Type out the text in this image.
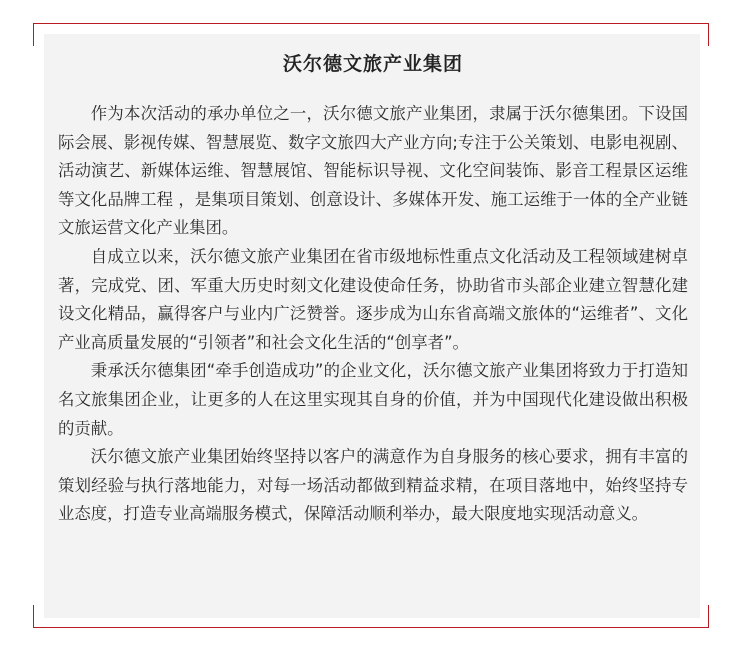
沃尔德文旅产业集团

作为本次活动的承办单位之一，沃尔德文旅产业集团，隶属于沃尔德集团。下设国际会展、影视传媒、智慧展览、数字文旅四大产业方向;专注于公关策划、电影电视剧、活动演艺、新媒体运维、智慧展馆、智能标识导视、文化空间装饰、影音工程景区运维等文化品牌工程 ，是集项目策划、创意设计、多媒体开发、施工运维于一体的全产业链文旅运营文化产业集团。

自成立以来，沃尔德文旅产业集团在省市级地标性重点文化活动及工程领域建树卓著，完成党、团、军重大历史时刻文化建设使命任务，协助省市头部企业建立智慧化建设文化精品，赢得客户与业内广泛赞誉。逐步成为山东省高端文旅体的“运维者”、文化产业高质量发展的“引领者”和社会文化生活的“创享者”。

秉承沃尔德集团“牵手创造成功”的企业文化，沃尔德文旅产业集团将致力于打造知名文旅集团企业，让更多的人在这里实现其自身的价值，并为中国现代化建设做出积极的贡献。

沃尔德文旅产业集团始终坚持以客户的满意作为自身服务的核心要求，拥有丰富的策划经验与执行落地能力，对每一场活动都做到精益求精，在项目落地中，始终坚持专业态度，打造专业高端服务模式，保障活动顺利举办，最大限度地实现活动意义。
